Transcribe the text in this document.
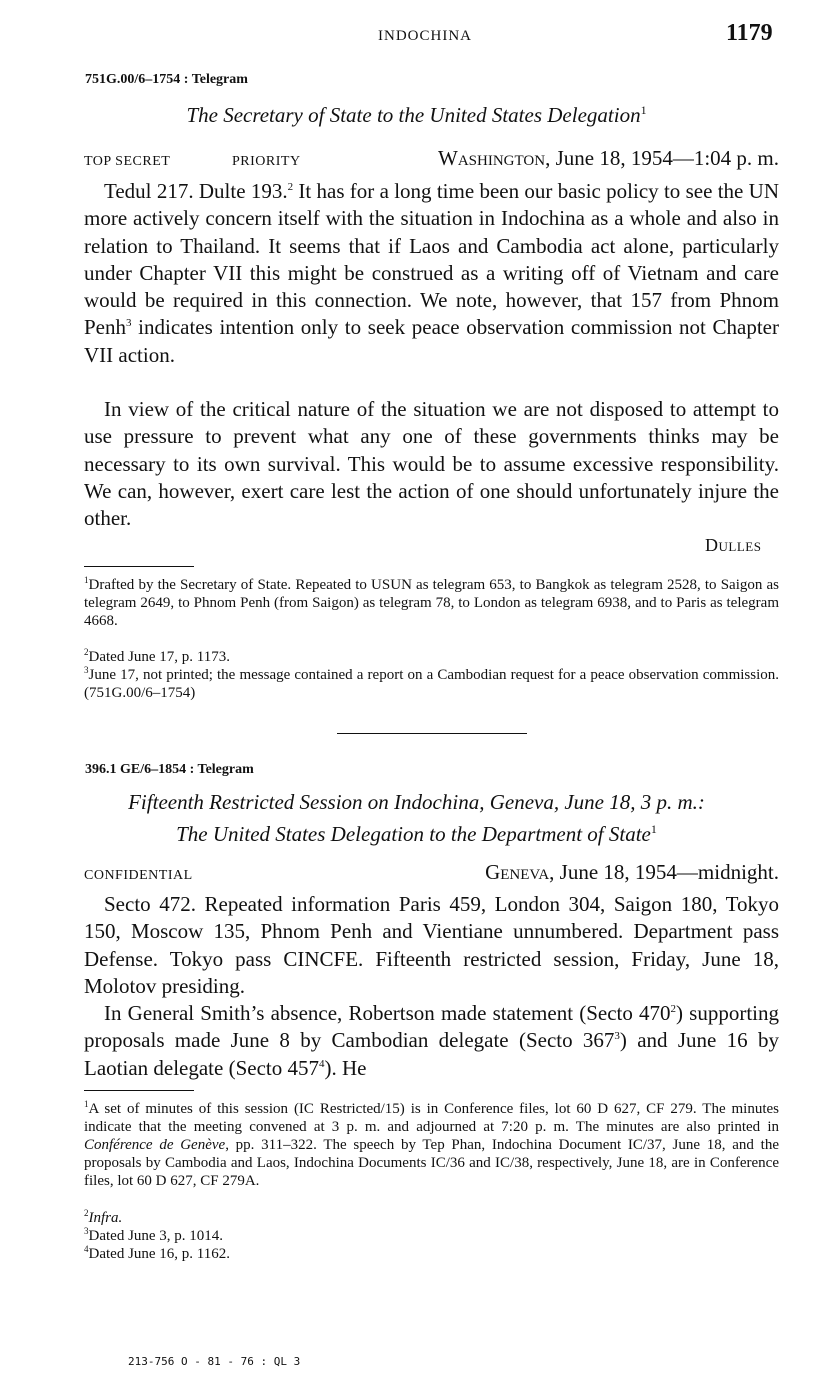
INDOCHINA	1179
751G.00/6–1754 : Telegram
The Secretary of State to the United States Delegation$^1$
TOP SECRET	PRIORITY	Washington, June 18, 1954—1:04 p. m.
Tedul 217. Dulte 193.$^2$ It has for a long time been our basic policy to see the UN more actively concern itself with the situation in Indochina as a whole and also in relation to Thailand. It seems that if Laos and Cambodia act alone, particularly under Chapter VII this might be construed as a writing off of Vietnam and care would be required in this connection. We note, however, that 157 from Phnom Penh$^3$ indicates intention only to seek peace observation commission not Chapter VII action.
In view of the critical nature of the situation we are not disposed to attempt to use pressure to prevent what any one of these governments thinks may be necessary to its own survival. This would be to assume excessive responsibility. We can, however, exert care lest the action of one should unfortunately injure the other.
Dulles
$^1$Drafted by the Secretary of State. Repeated to USUN as telegram 653, to Bangkok as telegram 2528, to Saigon as telegram 2649, to Phnom Penh (from Saigon) as telegram 78, to London as telegram 6938, and to Paris as telegram 4668.
$^2$Dated June 17, p. 1173.
$^3$June 17, not printed; the message contained a report on a Cambodian request for a peace observation commission. (751G.00/6–1754)
396.1 GE/6–1854 : Telegram
Fifteenth Restricted Session on Indochina, Geneva, June 18, 3 p. m.:
The United States Delegation to the Department of State$^1$
CONFIDENTIAL	Geneva, June 18, 1954—midnight.
Secto 472. Repeated information Paris 459, London 304, Saigon 180, Tokyo 150, Moscow 135, Phnom Penh and Vientiane unnumbered. Department pass Defense. Tokyo pass CINCFE. Fifteenth restricted session, Friday, June 18, Molotov presiding.
In General Smith’s absence, Robertson made statement (Secto $470^2$) supporting proposals made June 8 by Cambodian delegate (Secto $367^3$) and June 16 by Laotian delegate (Secto $457^4$). He
$^1$A set of minutes of this session (IC Restricted/15) is in Conference files, lot 60 D 627, CF 279. The minutes indicate that the meeting convened at 3 p. m. and adjourned at 7:20 p. m. The minutes are also printed in Conférence de Genève, pp. 311–322. The speech by Tep Phan, Indochina Document IC/37, June 18, and the proposals by Cambodia and Laos, Indochina Documents IC/36 and IC/38, respectively, June 18, are in Conference files, lot 60 D 627, CF 279A.
$^2$Infra.
$^3$Dated June 3, p. 1014.
$^4$Dated June 16, p. 1162.
213-756 O - 81 - 76 : QL 3
